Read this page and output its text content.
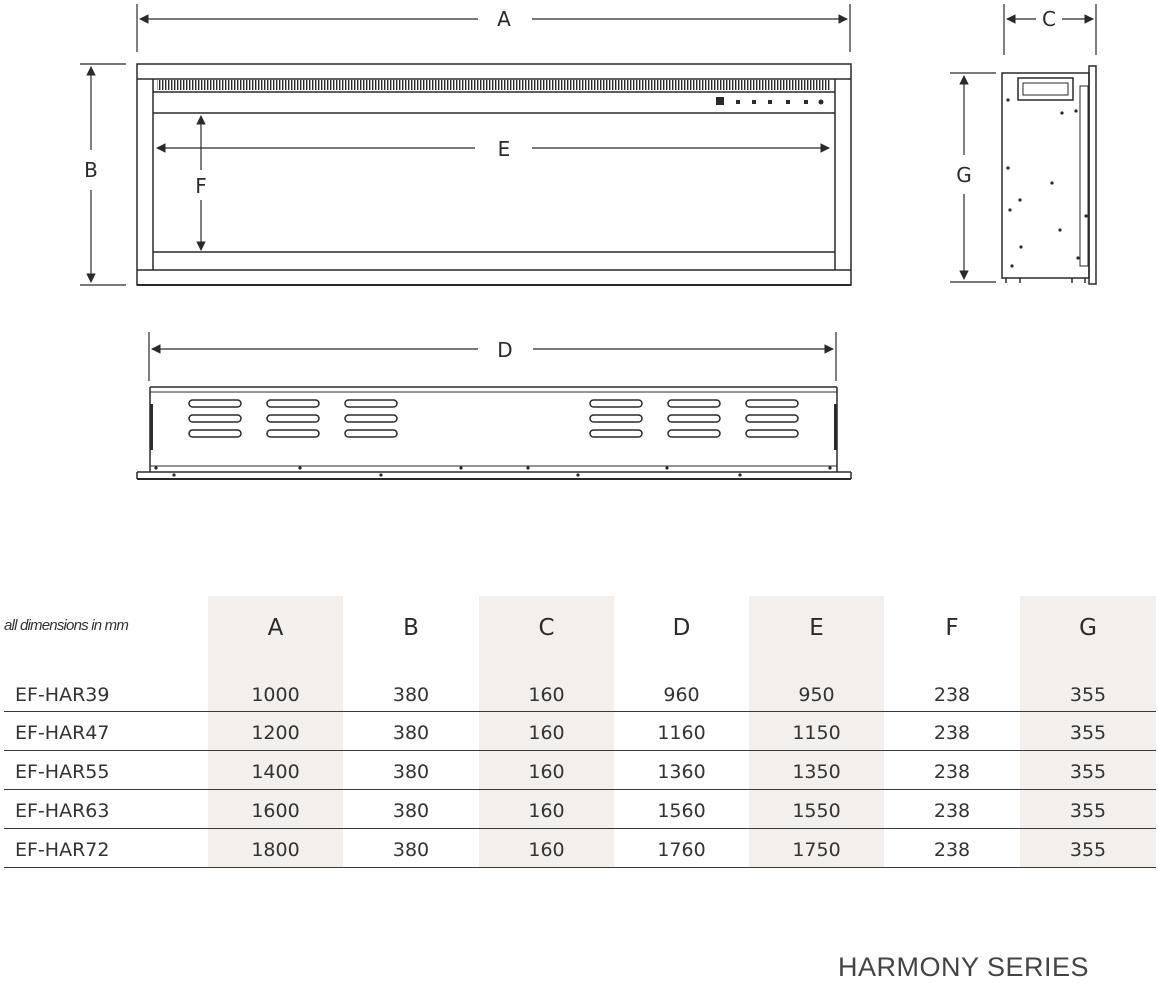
A
B
E
F
C
G
D
all dimensions in mm	A	B	C	D	E	F	G
EF-HAR39	1000	380	160	960	950	238	355
EF-HAR47	1200	380	160	1160	1150	238	355
EF-HAR55	1400	380	160	1360	1350	238	355
EF-HAR63	1600	380	160	1560	1550	238	355
EF-HAR72	1800	380	160	1760	1750	238	355
HARMONY SERIES
